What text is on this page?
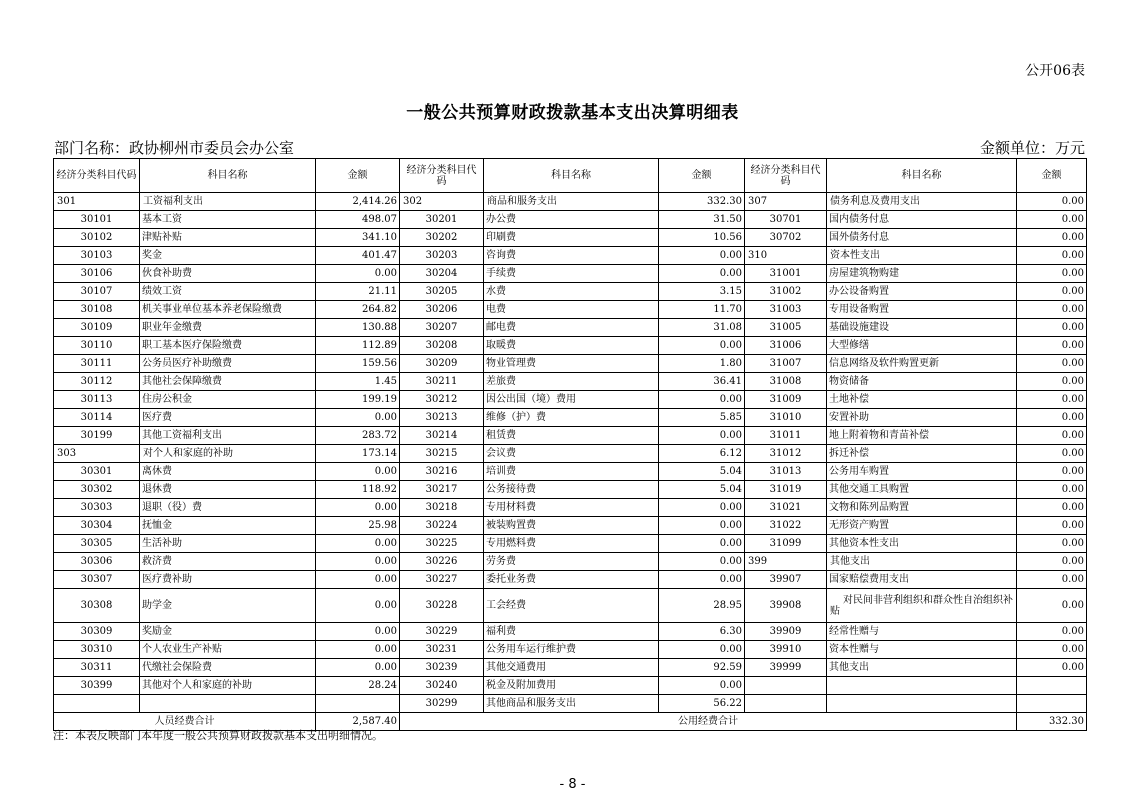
公开06表
一般公共预算财政拨款基本支出决算明细表
部门名称：政协柳州市委员会办公室	金额单位：万元
经济分类科目代码	科目名称	金额	经济分类科目代码	科目名称	金额	经济分类科目代码	科目名称	金额
301	工资福利支出	2,414.26	302	商品和服务支出	332.30	307	债务利息及费用支出	0.00
30101	基本工资	498.07	30201	办公费	31.50	30701	国内债务付息	0.00
30102	津贴补贴	341.10	30202	印刷费	10.56	30702	国外债务付息	0.00
30103	奖金	401.47	30203	咨询费	0.00	310	资本性支出	0.00
30106	伙食补助费	0.00	30204	手续费	0.00	31001	房屋建筑物购建	0.00
30107	绩效工资	21.11	30205	水费	3.15	31002	办公设备购置	0.00
30108	机关事业单位基本养老保险缴费	264.82	30206	电费	11.70	31003	专用设备购置	0.00
30109	职业年金缴费	130.88	30207	邮电费	31.08	31005	基础设施建设	0.00
30110	职工基本医疗保险缴费	112.89	30208	取暖费	0.00	31006	大型修缮	0.00
30111	公务员医疗补助缴费	159.56	30209	物业管理费	1.80	31007	信息网络及软件购置更新	0.00
30112	其他社会保障缴费	1.45	30211	差旅费	36.41	31008	物资储备	0.00
30113	住房公积金	199.19	30212	因公出国（境）费用	0.00	31009	土地补偿	0.00
30114	医疗费	0.00	30213	维修（护）费	5.85	31010	安置补助	0.00
30199	其他工资福利支出	283.72	30214	租赁费	0.00	31011	地上附着物和青苗补偿	0.00
303	对个人和家庭的补助	173.14	30215	会议费	6.12	31012	拆迁补偿	0.00
30301	离休费	0.00	30216	培训费	5.04	31013	公务用车购置	0.00
30302	退休费	118.92	30217	公务接待费	5.04	31019	其他交通工具购置	0.00
30303	退职（役）费	0.00	30218	专用材料费	0.00	31021	文物和陈列品购置	0.00
30304	抚恤金	25.98	30224	被装购置费	0.00	31022	无形资产购置	0.00
30305	生活补助	0.00	30225	专用燃料费	0.00	31099	其他资本性支出	0.00
30306	救济费	0.00	30226	劳务费	0.00	399	其他支出	0.00
30307	医疗费补助	0.00	30227	委托业务费	0.00	39907	国家赔偿费用支出	0.00
30308	助学金	0.00	30228	工会经费	28.95	39908	对民间非营利组织和群众性自治组织补贴	0.00
30309	奖励金	0.00	30229	福利费	6.30	39909	经常性赠与	0.00
30310	个人农业生产补贴	0.00	30231	公务用车运行维护费	0.00	39910	资本性赠与	0.00
30311	代缴社会保险费	0.00	30239	其他交通费用	92.59	39999	其他支出	0.00
30399	其他对个人和家庭的补助	28.24	30240	税金及附加费用	0.00			
			30299	其他商品和服务支出	56.22			
人员经费合计		2,587.40	公用经费合计					332.30
注：本表反映部门本年度一般公共预算财政拨款基本支出明细情况。
- 8 -
